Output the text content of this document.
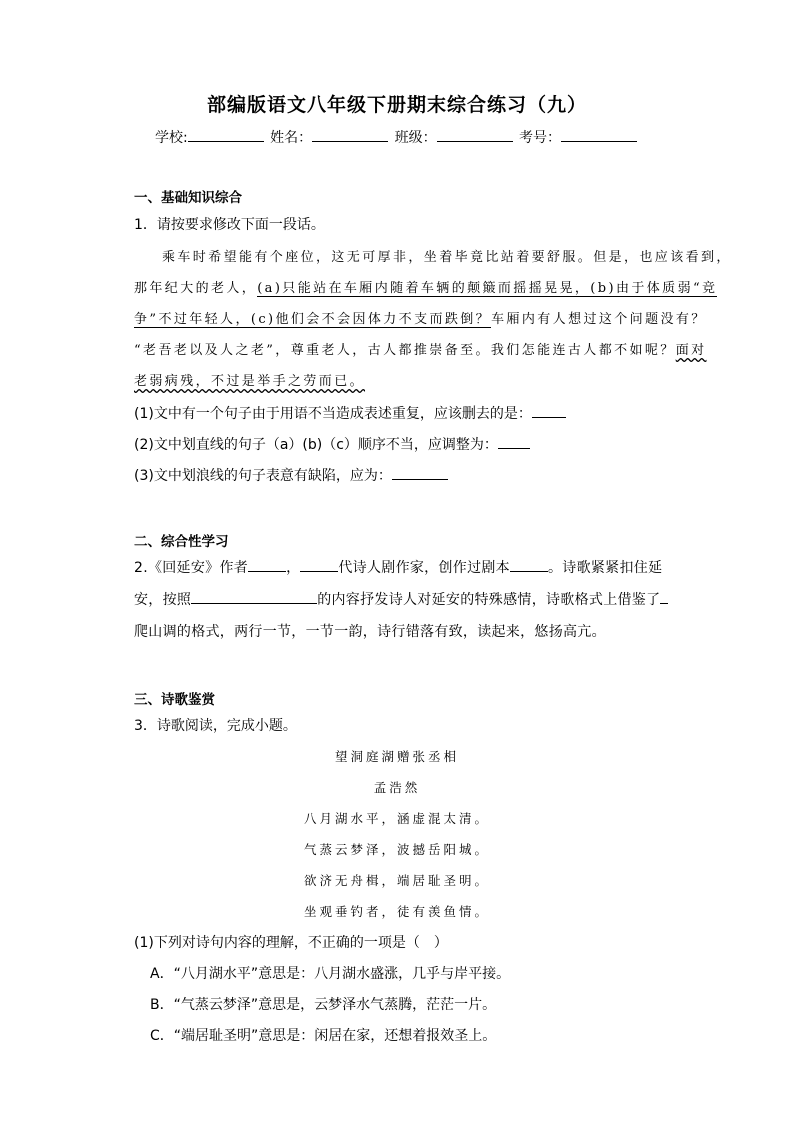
部编版语文八年级下册期末综合练习（九）
学校:	姓名：	班级：	考号：
一、基础知识综合
1．请按要求修改下面一段话。
乘车时希望能有个座位，这无可厚非，坐着毕竟比站着要舒服。但是，也应该看到，
那年纪大的老人，(a)只能站在车厢内随着车辆的颠簸而摇摇晃晃，(b)由于体质弱“竞
争”不过年轻人，(c)他们会不会因体力不支而跌倒？车厢内有人想过这个问题没有？
“老吾老以及人之老”，尊重老人，古人都推崇备至。我们怎能连古人都不如呢？面对
老弱病残，不过是举手之劳而已。
(1)文中有一个句子由于用语不当造成表述重复，应该删去的是：
(2)文中划直线的句子（a）(b)（c）顺序不当，应调整为：
(3)文中划浪线的句子表意有缺陷，应为：
二、综合性学习
2.《回延安》作者	，	代诗人剧作家，创作过剧本	。诗歌紧紧扣住延
安，按照	的内容抒发诗人对延安的特殊感情，诗歌格式上借鉴了
爬山调的格式，两行一节，一节一韵，诗行错落有致，读起来，悠扬高亢。
三、诗歌鉴赏
3．诗歌阅读，完成小题。
望洞庭湖赠张丞相
孟浩然
八月湖水平，涵虚混太清。
气蒸云梦泽，波撼岳阳城。
欲济无舟楫，端居耻圣明。
坐观垂钓者，徒有羡鱼情。
(1)下列对诗句内容的理解，不正确的一项是（　）
A．“八月湖水平”意思是：八月湖水盛涨，几乎与岸平接。
B．“气蒸云梦泽”意思是，云梦泽水气蒸腾，茫茫一片。
C．“端居耻圣明”意思是：闲居在家，还想着报效圣上。
